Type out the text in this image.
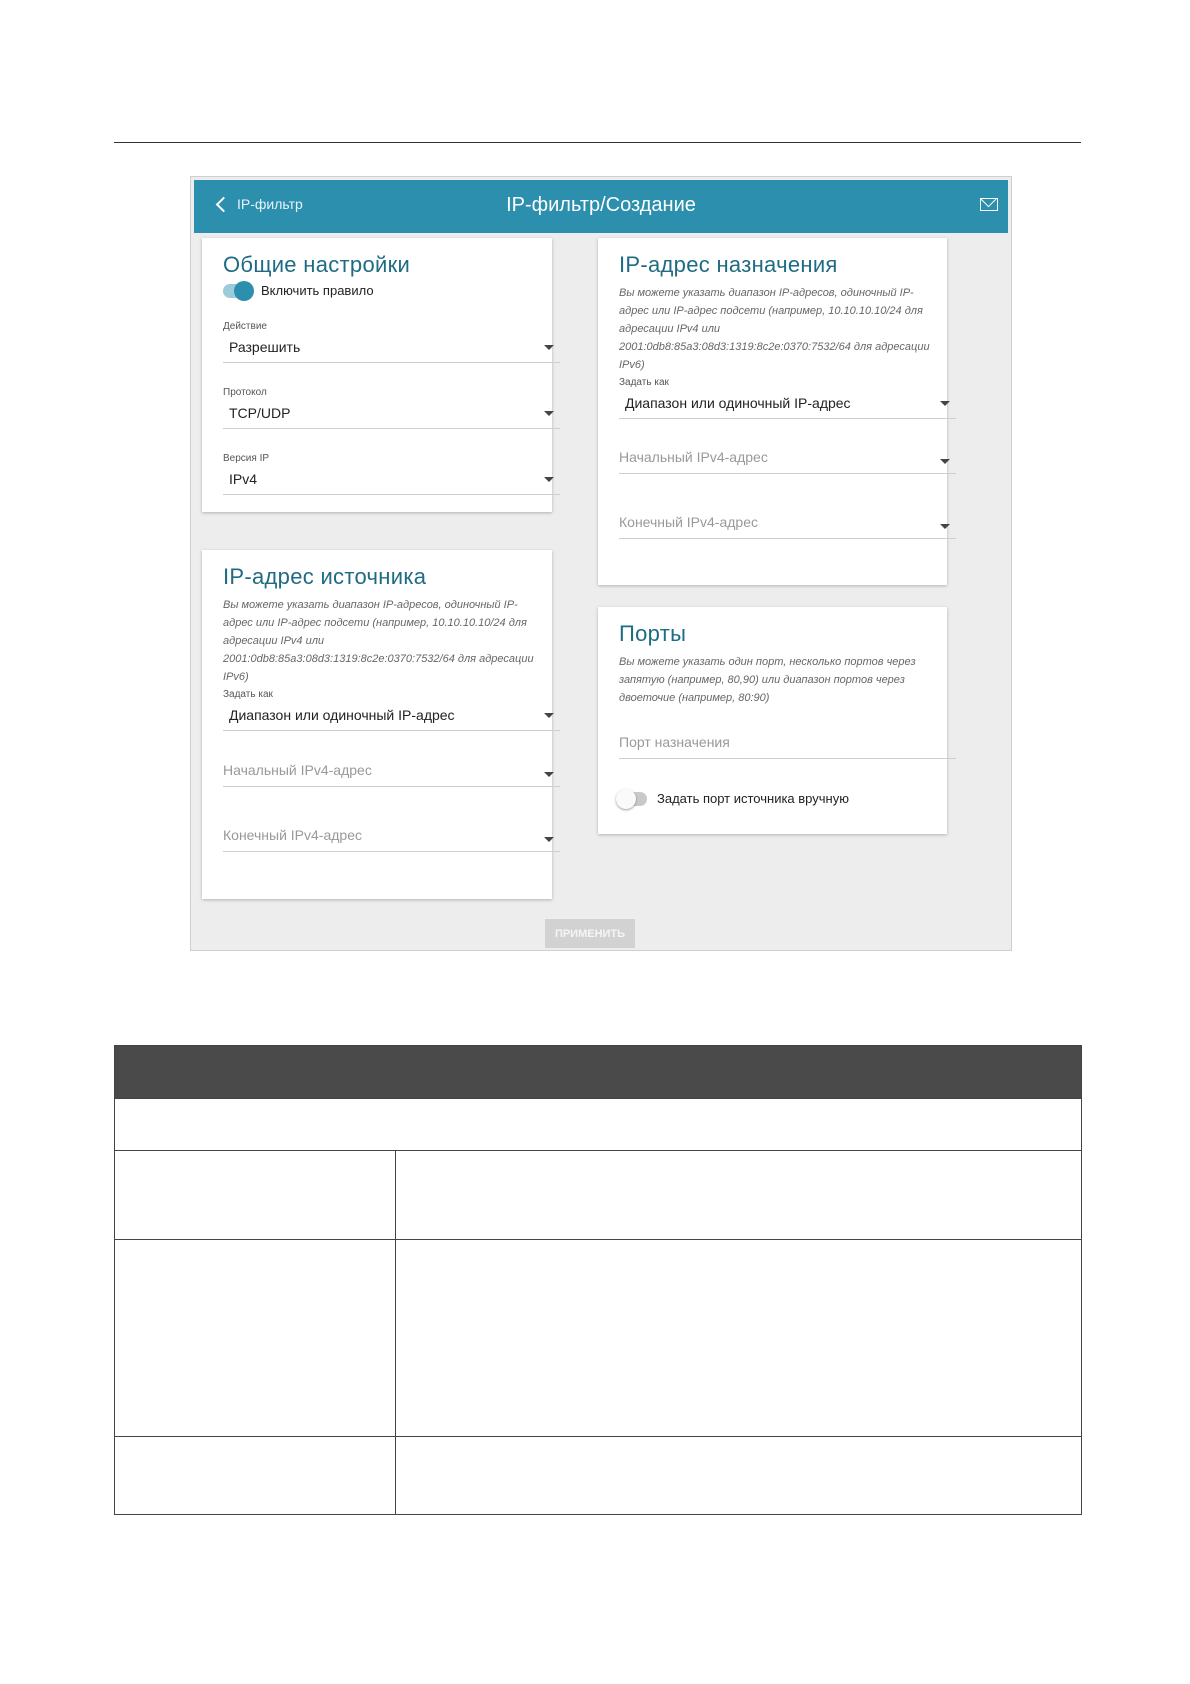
IP-фильтр	IP-фильтр/Создание
Общие настройки
Включить правило
Действие
Разрешить
Протокол
TCP/UDP
Версия IP
IPv4
IP-адрес источника
Вы можете указать диапазон IP-адресов, одиночный IP-адрес или IP-адрес подсети (например, 10.10.10.10/24 для адресации IPv4 или 2001:0db8:85a3:08d3:1319:8c2e:0370:7532/64 для адресации IPv6)
Задать как
Диапазон или одиночный IP-адрес
Начальный IPv4-адрес
Конечный IPv4-адрес
IP-адрес назначения
Вы можете указать диапазон IP-адресов, одиночный IP-адрес или IP-адрес подсети (например, 10.10.10.10/24 для адресации IPv4 или 2001:0db8:85a3:08d3:1319:8c2e:0370:7532/64 для адресации IPv6)
Задать как
Диапазон или одиночный IP-адрес
Начальный IPv4-адрес
Конечный IPv4-адрес
Порты
Вы можете указать один порт, несколько портов через запятую (например, 80,90) или диапазон портов через двоеточие (например, 80:90)
Порт назначения
Задать порт источника вручную
ПРИМЕНИТЬ
